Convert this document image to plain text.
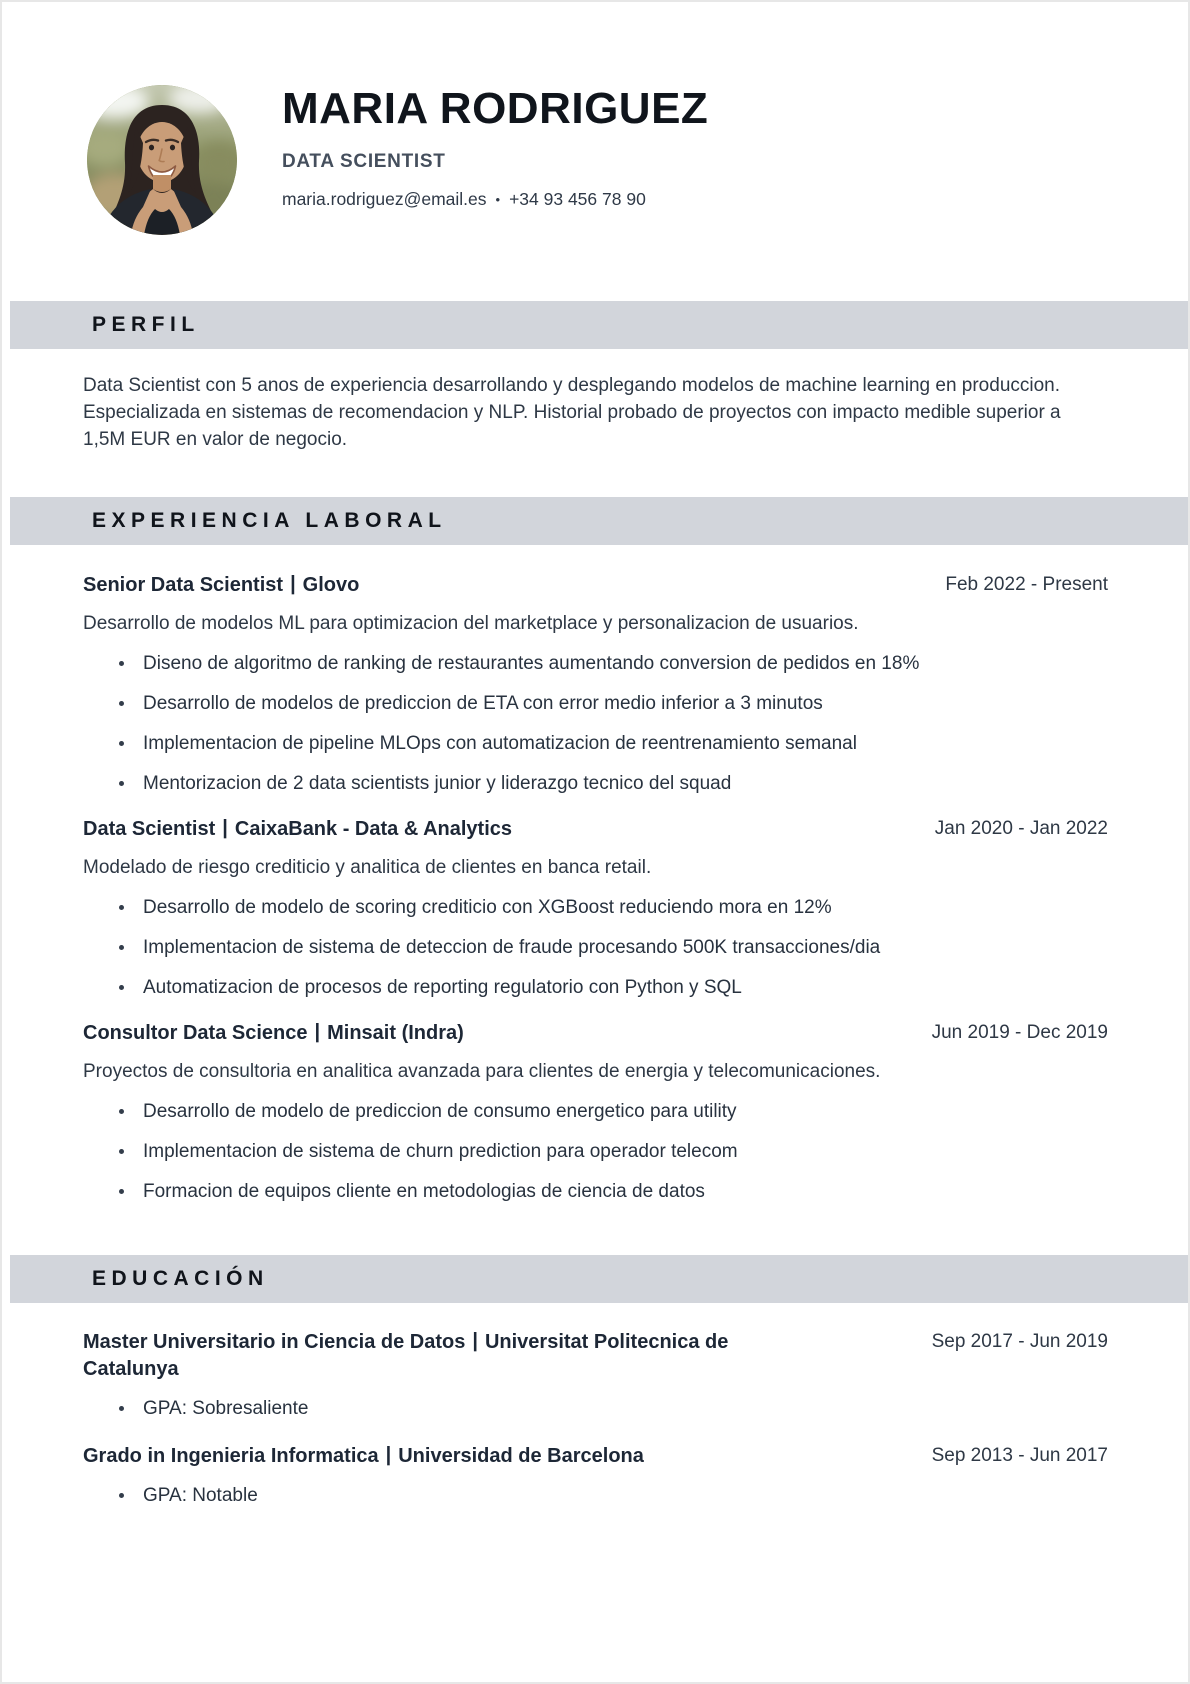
MARIA RODRIGUEZ
DATA SCIENTIST
maria.rodriguez@email.es • +34 93 456 78 90
PERFIL

Data Scientist con 5 anos de experiencia desarrollando y desplegando modelos de machine learning en produccion. Especializada en sistemas de recomendacion y NLP. Historial probado de proyectos con impacto medible superior a 1,5M EUR en valor de negocio.

EXPERIENCIA LABORAL
Senior Data Scientist | Glovo	Feb 2022 - Present

Desarrollo de modelos ML para optimizacion del marketplace y personalizacion de usuarios.

Diseno de algoritmo de ranking de restaurantes aumentando conversion de pedidos en 18%
Desarrollo de modelos de prediccion de ETA con error medio inferior a 3 minutos
Implementacion de pipeline MLOps con automatizacion de reentrenamiento semanal
Mentorizacion de 2 data scientists junior y liderazgo tecnico del squad
Data Scientist | CaixaBank - Data & Analytics	Jan 2020 - Jan 2022

Modelado de riesgo crediticio y analitica de clientes en banca retail.

Desarrollo de modelo de scoring crediticio con XGBoost reduciendo mora en 12%
Implementacion de sistema de deteccion de fraude procesando 500K transacciones/dia
Automatizacion de procesos de reporting regulatorio con Python y SQL
Consultor Data Science | Minsait (Indra)	Jun 2019 - Dec 2019

Proyectos de consultoria en analitica avanzada para clientes de energia y telecomunicaciones.

Desarrollo de modelo de prediccion de consumo energetico para utility
Implementacion de sistema de churn prediction para operador telecom
Formacion de equipos cliente en metodologias de ciencia de datos
EDUCACIÓN
Master Universitario in Ciencia de Datos | Universitat Politecnica de Catalunya
Sep 2017 - Jun 2019
GPA: Sobresaliente
Grado in Ingenieria Informatica | Universidad de Barcelona	Sep 2013 - Jun 2017
GPA: Notable
